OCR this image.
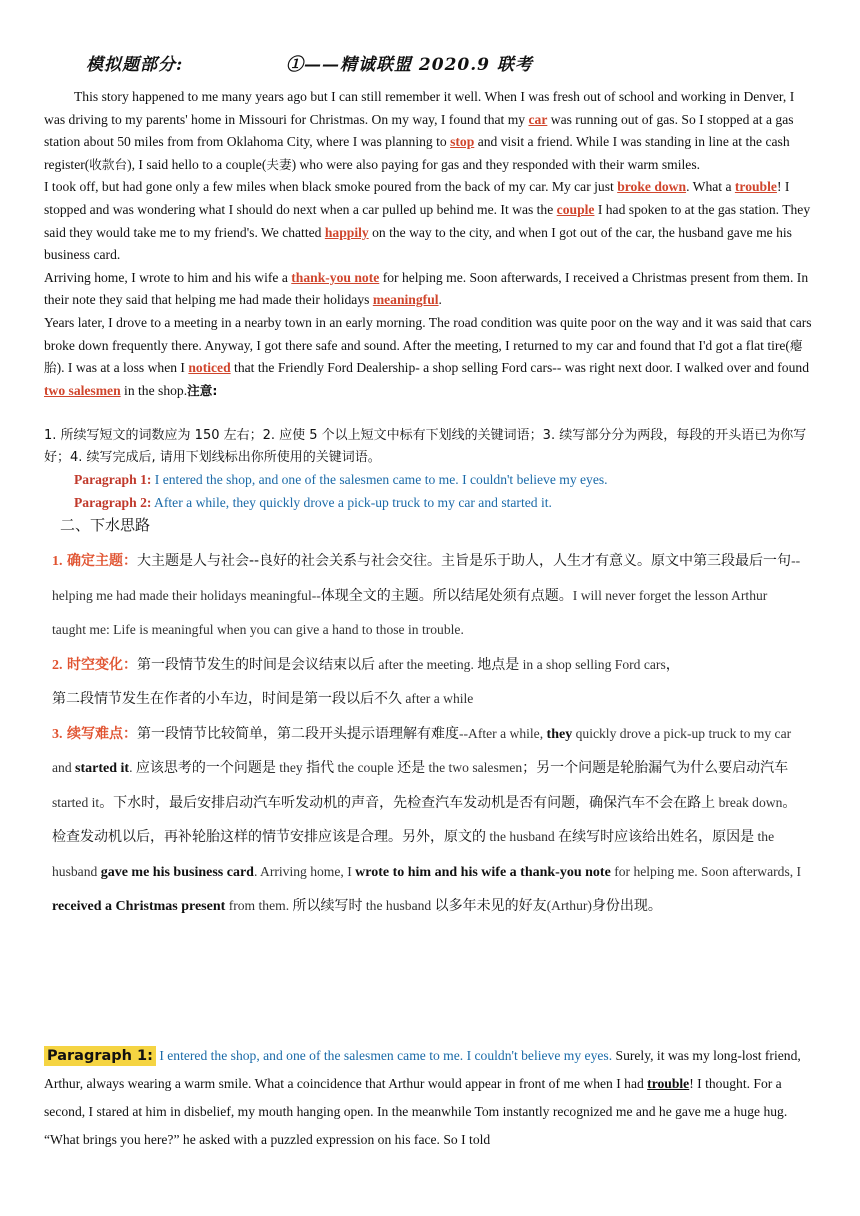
模拟题部分:	①——精诚联盟 2020.9 联考

This story happened to me many years ago but I can still remember it well. When I was fresh out of school and working in Denver, I was driving to my parents' home in Missouri for Christmas. On my way, I found that my car was running out of gas. So I stopped at a gas station about 50 miles from from Oklahoma City, where I was planning to stop and visit a friend. While I was standing in line at the cash register(收款台), I said hello to a couple(夫妻) who were also paying for gas and they responded with their warm smiles.

I took off, but had gone only a few miles when black smoke poured from the back of my car. My car just broke down. What a trouble! I stopped and was wondering what I should do next when a car pulled up behind me. It was the couple I had spoken to at the gas station. They said they would take me to my friend's. We chatted happily on the way to the city, and when I got out of the car, the husband gave me his business card.

Arriving home, I wrote to him and his wife a thank-you note for helping me. Soon afterwards, I received a Christmas present from them. In their note they said that helping me had made their holidays meaningful.

Years later, I drove to a meeting in a nearby town in an early morning. The road condition was quite poor on the way and it was said that cars broke down frequently there. Anyway, I got there safe and sound. After the meeting, I returned to my car and found that I'd got a flat tire(瘪胎). I was at a loss when I noticed that the Friendly Ford Dealership- a shop selling Ford cars-- was right next door. I walked over and found two salesmen in the shop.注意:

1. 所续写短文的词数应为 150 左右；2. 应使 5 个以上短文中标有下划线的关键词语；3. 续写部分分为两段，每段的开头语已为你写好；4. 续写完成后, 请用下划线标出你所使用的关键词语。
Paragraph 1: I entered the shop, and one of the salesmen came to me. I couldn't believe my eyes.
Paragraph 2: After a while, they quickly drove a pick-up truck to my car and started it.
二、下水思路

1. 确定主题：大主题是人与社会--良好的社会关系与社会交往。主旨是乐于助人，人生才有意义。原文中第三段最后一句--helping me had made their holidays meaningful--体现全文的主题。所以结尾处须有点题。I will never forget the lesson Arthur taught me: Life is meaningful when you can give a hand to those in trouble.

2. 时空变化：第一段情节发生的时间是会议结束以后 after the meeting. 地点是 in a shop selling Ford cars，
第二段情节发生在作者的小车边，时间是第一段以后不久 after a while

3. 续写难点：第一段情节比较简单，第二段开头提示语理解有难度--After a while, they quickly drove a pick-up truck to my car and started it. 应该思考的一个问题是 they 指代 the couple 还是 the two salesmen；另一个问题是轮胎漏气为什么要启动汽车 started it。下水时，最后安排启动汽车听发动机的声音，先检查汽车发动机是否有问题，确保汽车不会在路上 break down。检查发动机以后，再补轮胎这样的情节安排应该是合理。另外，原文的 the husband 在续写时应该给出姓名，原因是 the husband gave me his business card. Arriving home, I wrote to him and his wife a thank-you note for helping me. Soon afterwards, I received a Christmas present from them. 所以续写时 the husband 以多年未见的好友(Arthur)身份出现。

Paragraph 1: I entered the shop, and one of the salesmen came to me. I couldn't believe my eyes. Surely, it was my long-lost friend, Arthur, always wearing a warm smile. What a coincidence that Arthur would appear in front of me when I had trouble! I thought. For a second, I stared at him in disbelief, my mouth hanging open. In the meanwhile Tom instantly recognized me and he gave me a huge hug. “What brings you here?” he asked with a puzzled expression on his face. So I told
